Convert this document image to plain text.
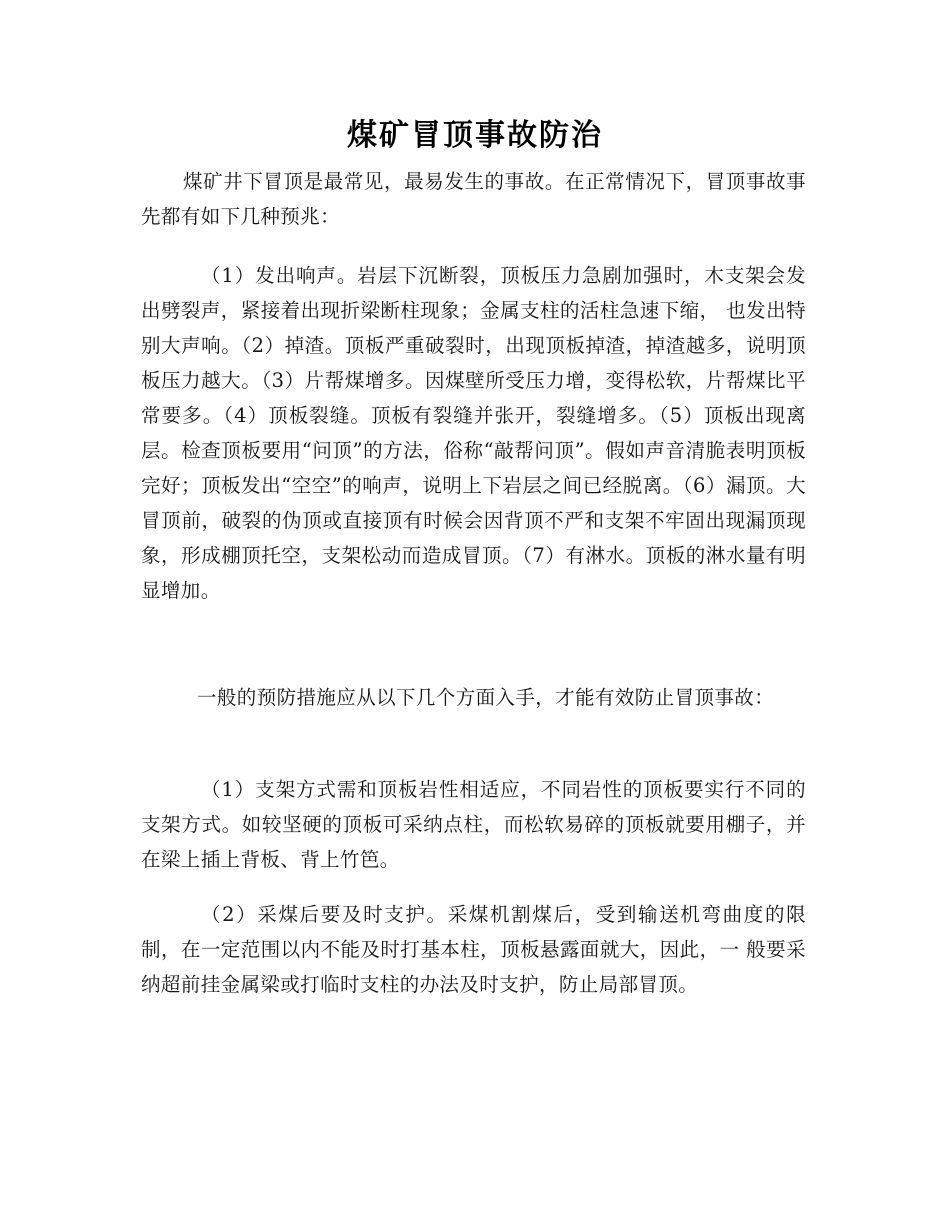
煤矿冒顶事故防治

煤矿井下冒顶是最常见，最易发生的事故。在正常情况下，冒顶事故事先都有如下几种预兆：

（1）发出响声。岩层下沉断裂，顶板压力急剧加强时，木支架会发出劈裂声，紧接着出现折梁断柱现象；金属支柱的活柱急速下缩， 也发出特别大声响。（2）掉渣。顶板严重破裂时，出现顶板掉渣，掉渣越多，说明顶板压力越大。（3）片帮煤增多。因煤壁所受压力增，变得松软，片帮煤比平常要多。（4）顶板裂缝。顶板有裂缝并张开，裂缝增多。（5）顶板出现离层。检查顶板要用“问顶”的方法，俗称“敲帮问顶”。假如声音清脆表明顶板完好；顶板发出“空空”的响声，说明上下岩层之间已经脱离。（6）漏顶。大冒顶前，破裂的伪顶或直接顶有时候会因背顶不严和支架不牢固出现漏顶现象，形成棚顶托空，支架松动而造成冒顶。（7）有淋水。顶板的淋水量有明显增加。

一般的预防措施应从以下几个方面入手，才能有效防止冒顶事故：

（1）支架方式需和顶板岩性相适应，不同岩性的顶板要实行不同的支架方式。如较坚硬的顶板可采纳点柱，而松软易碎的顶板就要用棚子，并在梁上插上背板、背上竹笆。

（2）采煤后要及时支护。采煤机割煤后，受到输送机弯曲度的限制，在一定范围以内不能及时打基本柱，顶板悬露面就大，因此，一 般要采纳超前挂金属梁或打临时支柱的办法及时支护，防止局部冒顶。
